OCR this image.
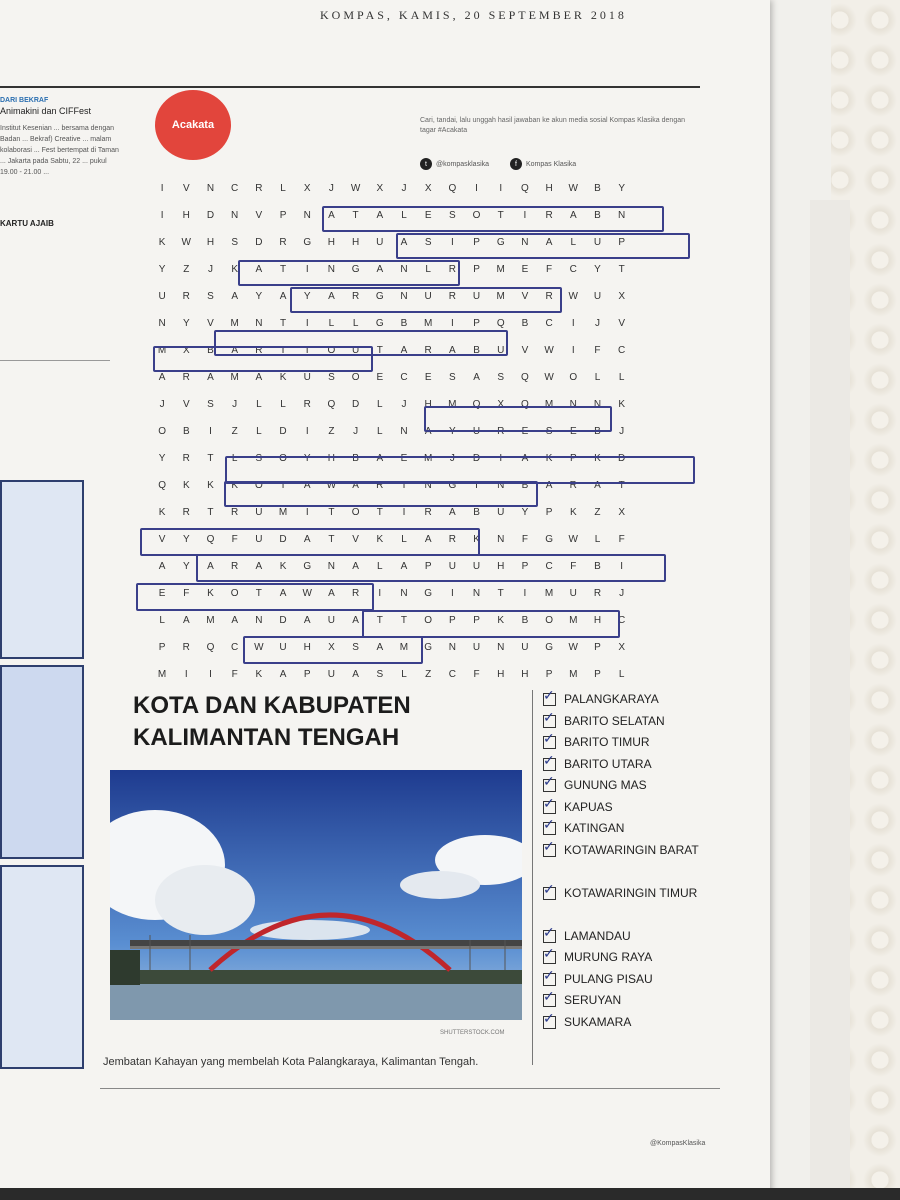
KOMPAS, KAMIS, 20 SEPTEMBER 2018
DARI BEKRAF
Animakini dan CIFFest
Institut Kesenian ... bersama dengan Badan ... Bekraf) Creative ... malam kolaborasi ... Fest bertempat di Taman ... Jakarta pada Sabtu, 22 ... pukul 19.00 - 21.00 ...
KARTU AJAIB
Acakata	Cari, tandai, lalu unggah hasil jawaban ke akun media sosial Kompas Klasika dengan tagar #Acakata
t	@kompasklasika	f	Kompas Klasika
I	V	N	C	R	L	X	J	W	X	J	X	Q	I	I	Q	H	W	B	Y
I	H	D	N	V	P	N	A	T	A	L	E	S	O	T	I	R	A	B	N
K	W	H	S	D	R	G	H	H	U	A	S	I	P	G	N	A	L	U	P
Y	Z	J	K	A	T	I	N	G	A	N	L	R	P	M	E	F	C	Y	T
U	R	S	A	Y	A	Y	A	R	G	N	U	R	U	M	V	R	W	U	X
N	Y	V	M	N	T	I	L	L	G	B	M	I	P	Q	B	C	I	J	V
M	X	B	A	R	I	T	O	U	T	A	R	A	B	U	V	W	I	F	C
A	R	A	M	A	K	U	S	O	E	C	E	S	A	S	Q	W	O	L	L
J	V	S	J	L	L	R	Q	D	L	J	H	M	Q	X	Q	M	N	N	K
O	B	I	Z	L	D	I	Z	J	L	N	A	Y	U	R	E	S	E	B	J
Y	R	T	L	S	O	Y	H	B	A	E	M	J	D	I	A	K	P	K	D
Q	K	K	K	O	T	A	W	A	R	I	N	G	I	N	B	A	R	A	T
K	R	T	R	U	M	I	T	O	T	I	R	A	B	U	Y	P	K	Z	X
V	Y	Q	F	U	D	A	T	V	K	L	A	R	K	N	F	G	W	L	F
A	Y	A	R	A	K	G	N	A	L	A	P	U	U	H	P	C	F	B	I
E	F	K	O	T	A	W	A	R	I	N	G	I	N	T	I	M	U	R	J
L	A	M	A	N	D	A	U	A	T	T	O	P	P	K	B	O	M	H	C
P	R	Q	C	W	U	H	X	S	A	M	G	N	U	N	U	G	W	P	X
M	I	I	F	K	A	P	U	A	S	L	Z	C	F	H	H	P	M	P	L
KOTA DAN KABUPATEN
KALIMANTAN TENGAH
SHUTTERSTOCK.COM
Jembatan Kahayan yang membelah Kota Palangkaraya, Kalimantan Tengah.
✓
PALANGKARAYA
✓
BARITO SELATAN
✓
BARITO TIMUR
✓
BARITO UTARA
✓
GUNUNG MAS
✓
KAPUAS
✓
KATINGAN
✓
KOTAWARINGIN BARAT
✓
KOTAWARINGIN TIMUR
✓
LAMANDAU
✓
MURUNG RAYA
✓
PULANG PISAU
✓
SERUYAN
✓
SUKAMARA
@KompasKlasika
